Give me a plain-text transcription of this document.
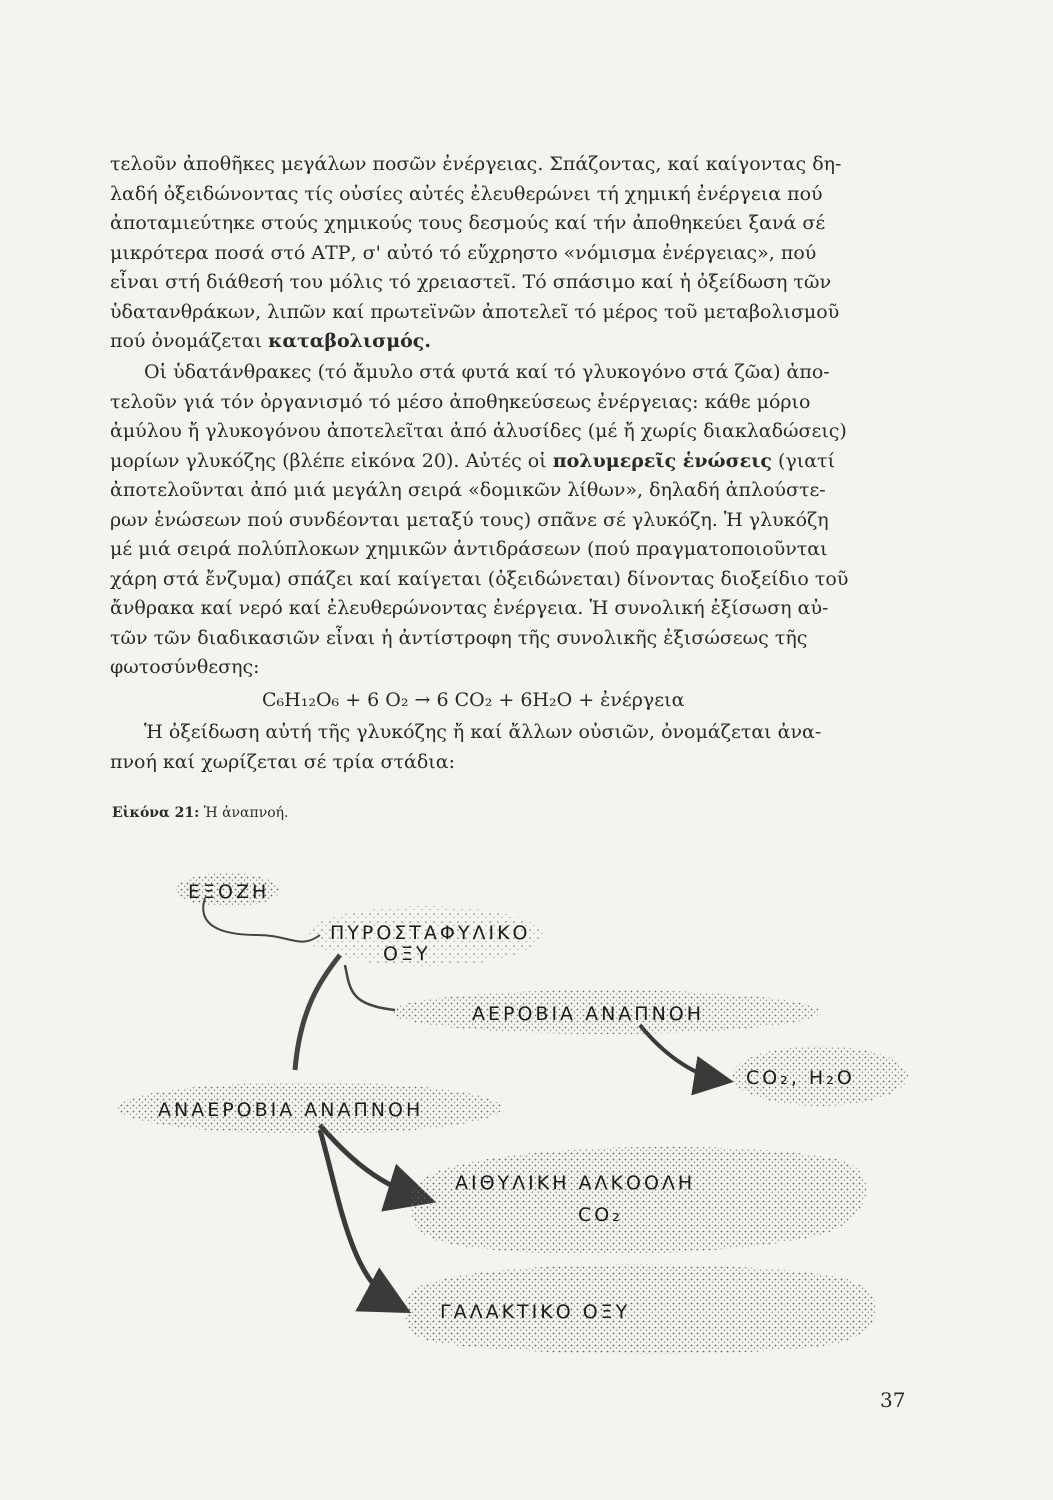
τελοῦν ἀποθῆκες μεγάλων ποσῶν ἐνέργειας. Σπάζοντας, καί καίγοντας δη-
λαδή ὀξειδώνοντας τίς οὐσίες αὐτές ἐλευθερώνει τή χημική ἐνέργεια πού
ἀποταμιεύτηκε στούς χημικούς τους δεσμούς καί τήν ἀποθηκεύει ξανά σέ
μικρότερα ποσά στό ΑΤΡ, σ' αὐτό τό εὔχρηστο «νόμισμα ἐνέργειας», πού
εἶναι στή διάθεσή του μόλις τό χρειαστεῖ. Τό σπάσιμο καί ἡ ὀξείδωση τῶν
ὑδατανθράκων, λιπῶν καί πρωτεϊνῶν ἀποτελεῖ τό μέρος τοῦ μεταβολισμοῦ
πού ὀνομάζεται καταβολισμός.
Οἱ ὑδατάνθρακες (τό ἄμυλο στά φυτά καί τό γλυκογόνο στά ζῶα) ἀπο-
τελοῦν γιά τόν ὀργανισμό τό μέσο ἀποθηκεύσεως ἐνέργειας: κάθε μόριο
ἀμύλου ἤ γλυκογόνου ἀποτελεῖται ἀπό ἁλυσίδες (μέ ἤ χωρίς διακλαδώσεις)
μορίων γλυκόζης (βλέπε εἰκόνα 20). Αὐτές οἱ πολυμερεῖς ἑνώσεις (γιατί
ἀποτελοῦνται ἀπό μιά μεγάλη σειρά «δομικῶν λίθων», δηλαδή ἁπλούστε-
ρων ἑνώσεων πού συνδέονται μεταξύ τους) σπᾶνε σέ γλυκόζη. Ἡ γλυκόζη
μέ μιά σειρά πολύπλοκων χημικῶν ἀντιδράσεων (πού πραγματοποιοῦνται
χάρη στά ἔνζυμα) σπάζει καί καίγεται (ὀξειδώνεται) δίνοντας διοξείδιο τοῦ
ἄνθρακα καί νερό καί ἐλευθερώνοντας ἐνέργεια. Ἡ συνολική ἐξίσωση αὐ-
τῶν τῶν διαδικασιῶν εἶναι ἡ ἀντίστροφη τῆς συνολικῆς ἐξισώσεως τῆς
φωτοσύνθεσης:
C₆H₁₂O₆ + 6 O₂ → 6 CO₂ + 6H₂O + ἐνέργεια
Ἡ ὀξείδωση αὐτή τῆς γλυκόζης ἤ καί ἄλλων οὐσιῶν, ὀνομάζεται ἀνα-
πνοή καί χωρίζεται σέ τρία στάδια:
Εἰκόνα 21: Ἡ ἀναπνοή.
ΕΞΟΖΗ
ΠΥΡΟΣΤΑΦΥΛΙΚΟ
ΟΞΥ
ΑΕΡΟΒΙΑ ΑΝΑΠΝΟΗ
CO₂, H₂O
ΑΝΑΕΡΟΒΙΑ ΑΝΑΠΝΟΗ
ΑΙΘΥΛΙΚΗ ΑΛΚΟΟΛΗ
CO₂
ΓΑΛΑΚΤΙΚΟ ΟΞΥ
37
